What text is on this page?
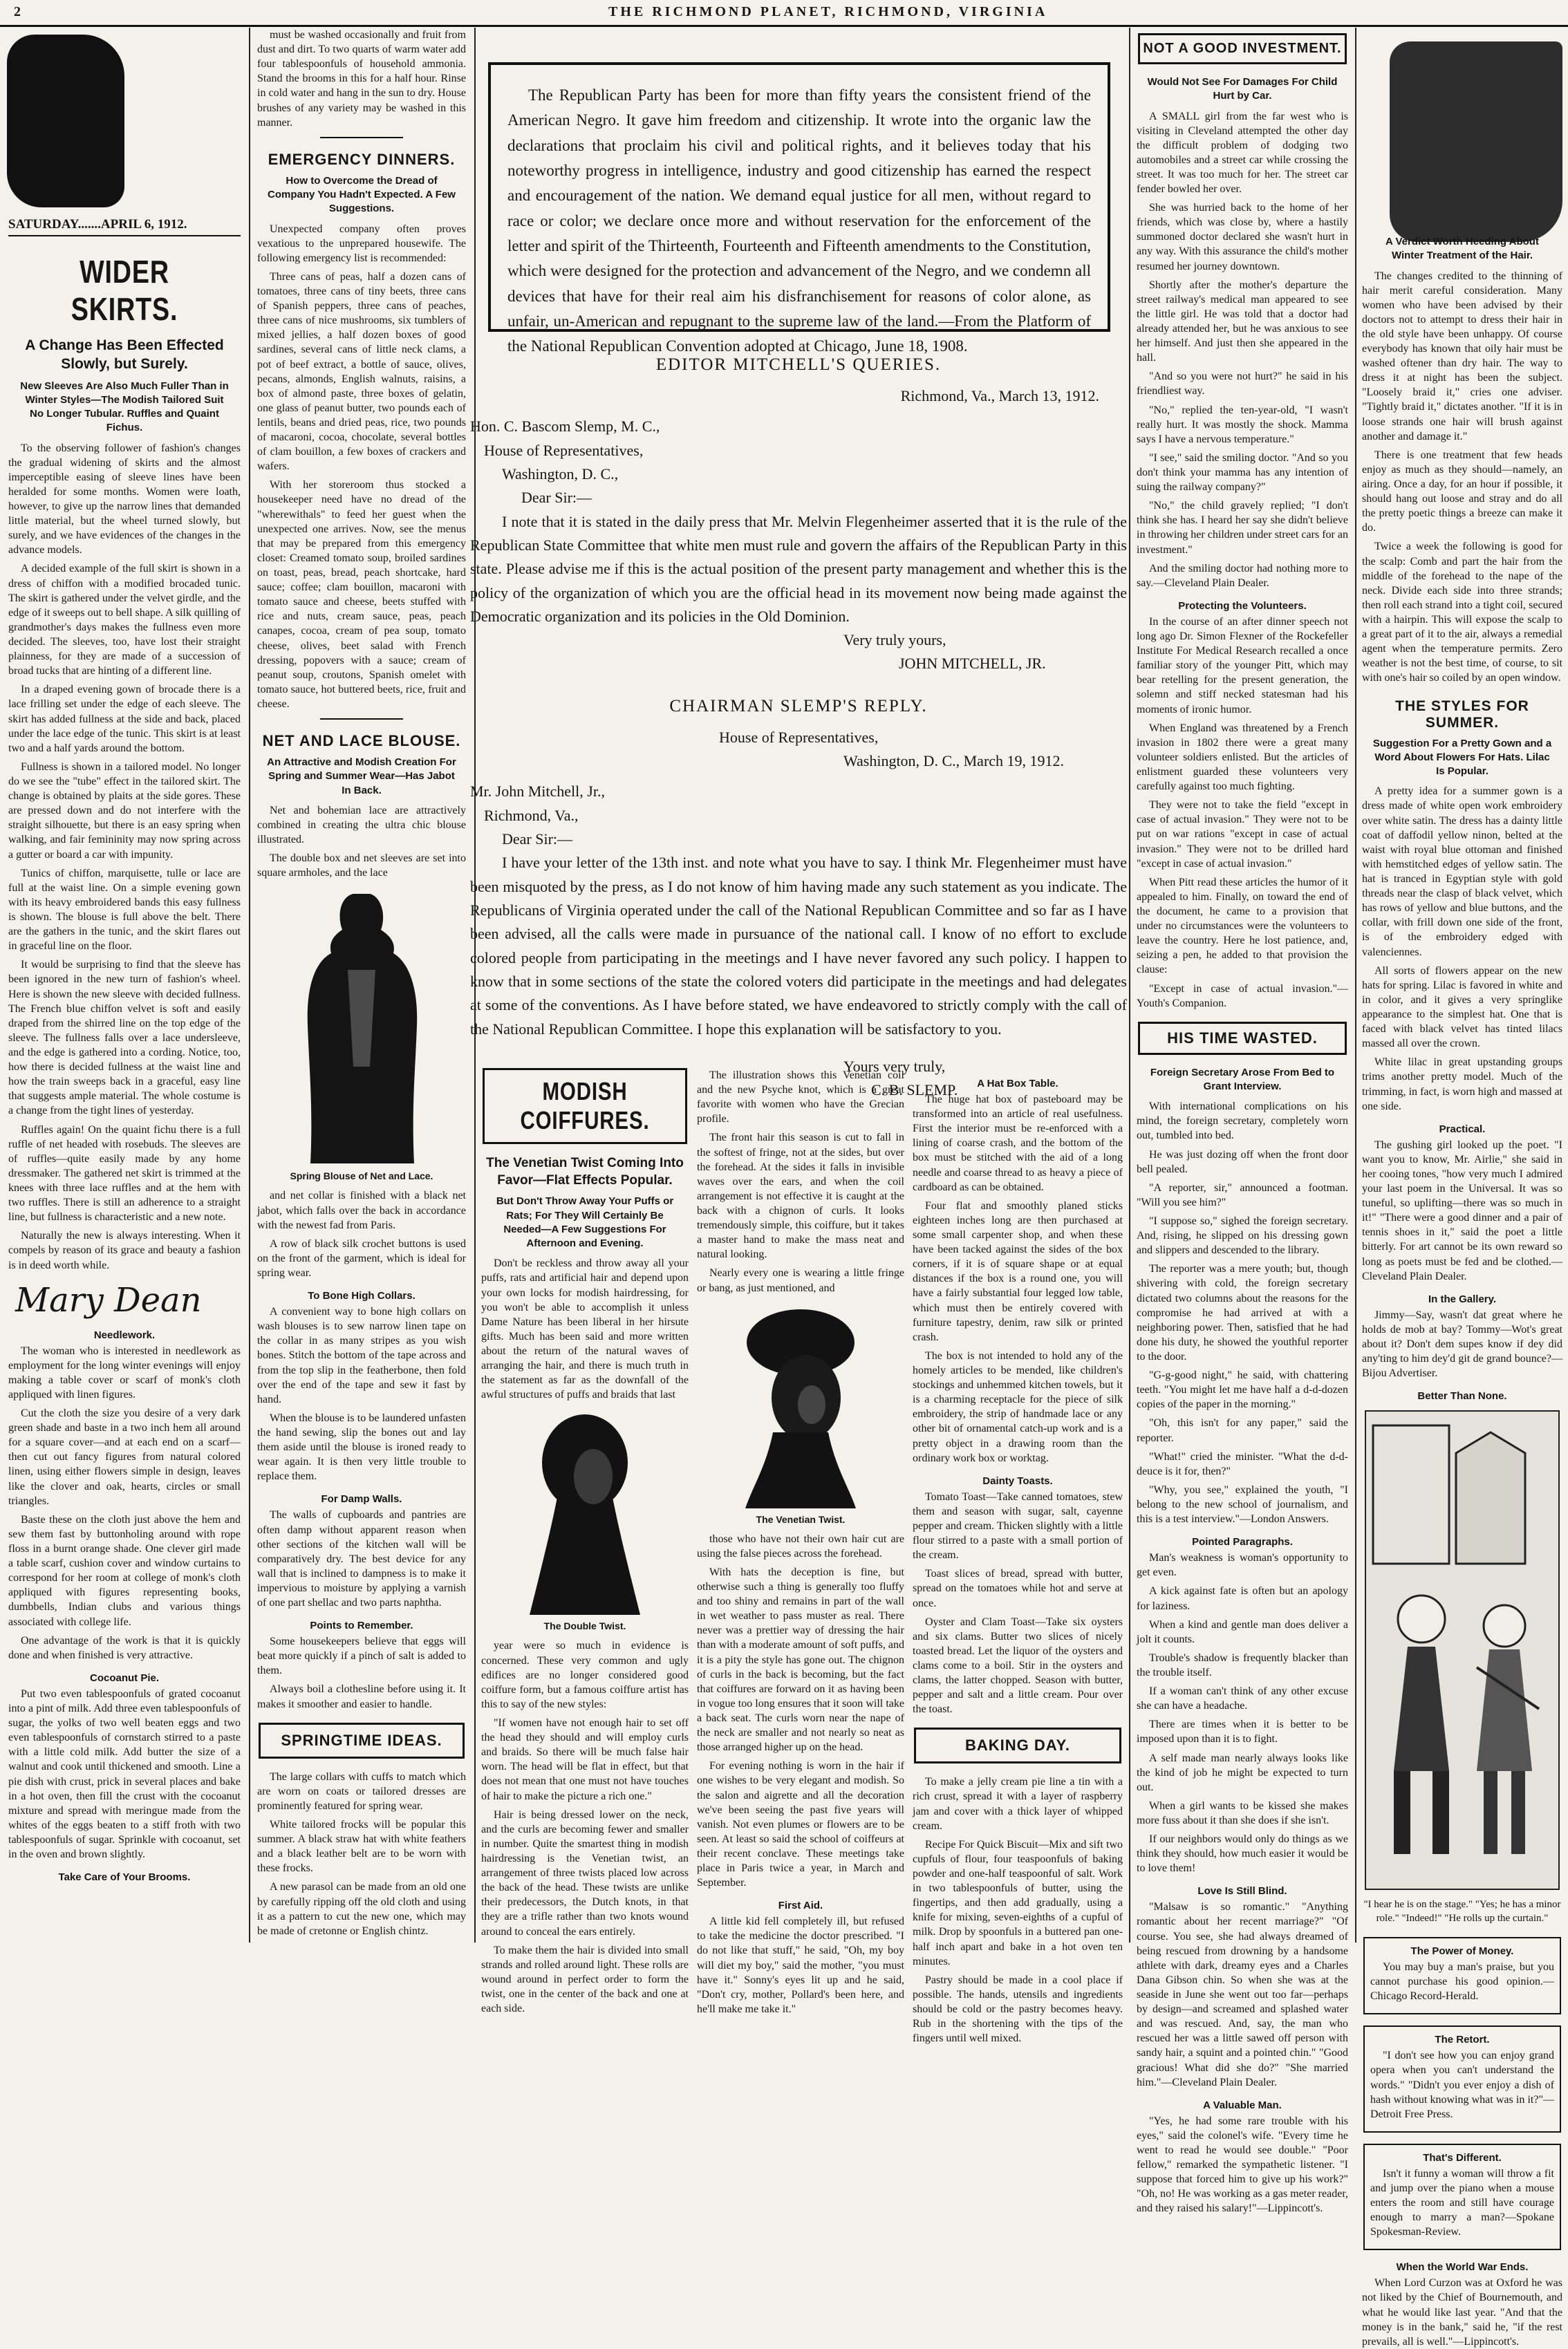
2	THE RICHMOND PLANET, RICHMOND, VIRGINIA
SATURDAY.......APRIL 6, 1912.
WIDER SKIRTS.
A Change Has Been Effected Slowly, but Surely.
New Sleeves Are Also Much Fuller Than in Winter Styles—The Modish Tailored Suit No Longer Tubular. Ruffles and Quaint Fichus.

To the observing follower of fashion's changes the gradual widening of skirts and the almost imperceptible easing of sleeve lines have been heralded for some months. Women were loath, however, to give up the narrow lines that demanded little material, but the wheel turned slowly, but surely, and we have evidences of the changes in the advance models.

A decided example of the full skirt is shown in a dress of chiffon with a modified brocaded tunic. The skirt is gathered under the velvet girdle, and the edge of it sweeps out to bell shape. A silk quilling of grandmother's days makes the fullness even more decided. The sleeves, too, have lost their straight plainness, for they are made of a succession of broad tucks that are hinting of a different line.

In a draped evening gown of brocade there is a lace frilling set under the edge of each sleeve. The skirt has added fullness at the side and back, placed under the lace edge of the tunic. This skirt is at least two and a half yards around the bottom.

Fullness is shown in a tailored model. No longer do we see the "tube" effect in the tailored skirt. The change is obtained by plaits at the side gores. These are pressed down and do not interfere with the straight silhouette, but there is an easy spring when walking, and fair femininity may now spring across a gutter or board a car with impunity.

Tunics of chiffon, marquisette, tulle or lace are full at the waist line. On a simple evening gown with its heavy embroidered bands this easy fullness is shown. The blouse is full above the belt. There are the gathers in the tunic, and the skirt flares out in graceful line on the floor.

It would be surprising to find that the sleeve has been ignored in the new turn of fashion's wheel. Here is shown the new sleeve with decided fullness. The French blue chiffon velvet is soft and easily draped from the shirred line on the top edge of the sleeve. The fullness falls over a lace undersleeve, and the edge is gathered into a cording. Notice, too, how there is decided fullness at the waist line and how the train sweeps back in a graceful, easy line that suggests ample material. The whole costume is a change from the tight lines of yesterday.

Ruffles again! On the quaint fichu there is a full ruffle of net headed with rosebuds. The sleeves are of ruffles—quite easily made by any home dressmaker. The gathered net skirt is trimmed at the knees with three lace ruffles and at the hem with two ruffles. There is still an adherence to a straight line, but fullness is characteristic and a new note.

Naturally the new is always interesting. When it compels by reason of its grace and beauty a fashion is in deed worth while.

Mary Dean
Needlework.

The woman who is interested in needlework as employment for the long winter evenings will enjoy making a table cover or scarf of monk's cloth appliqued with linen figures.

Cut the cloth the size you desire of a very dark green shade and baste in a two inch hem all around for a square cover—and at each end on a scarf—then cut out fancy figures from natural colored linen, using either flowers simple in design, leaves like the clover and oak, hearts, circles or small triangles.

Baste these on the cloth just above the hem and sew them fast by buttonholing around with rope floss in a burnt orange shade. One clever girl made a table scarf, cushion cover and window curtains to correspond for her room at college of monk's cloth appliqued with figures representing books, dumbbells, Indian clubs and various things associated with college life.

One advantage of the work is that it is quickly done and when finished is very attractive.

Cocoanut Pie.

Put two even tablespoonfuls of grated cocoanut into a pint of milk. Add three even tablespoonfuls of sugar, the yolks of two well beaten eggs and two even tablespoonfuls of cornstarch stirred to a paste with a little cold milk. Add butter the size of a walnut and cook until thickened and smooth. Line a pie dish with crust, prick in several places and bake in a hot oven, then fill the crust with the cocoanut mixture and spread with meringue made from the whites of the eggs beaten to a stiff froth with two tablespoonfuls of sugar. Sprinkle with cocoanut, set in the oven and brown slightly.

Take Care of Your Brooms.

must be washed occasionally and fruit from dust and dirt. To two quarts of warm water add four tablespoonfuls of household ammonia. Stand the brooms in this for a half hour. Rinse in cold water and hang in the sun to dry. House brushes of any variety may be washed in this manner.

EMERGENCY DINNERS.
How to Overcome the Dread of Company You Hadn't Expected. A Few Suggestions.

Unexpected company often proves vexatious to the unprepared housewife. The following emergency list is recommended:

Three cans of peas, half a dozen cans of tomatoes, three cans of tiny beets, three cans of Spanish peppers, three cans of peaches, three cans of nice mushrooms, six tumblers of mixed jellies, a half dozen boxes of good sardines, several cans of little neck clams, a pot of beef extract, a bottle of sauce, olives, pecans, almonds, English walnuts, raisins, a box of almond paste, three boxes of gelatin, one glass of peanut butter, two pounds each of lentils, beans and dried peas, rice, two pounds of macaroni, cocoa, chocolate, several bottles of clam bouillon, a few boxes of crackers and wafers.

With her storeroom thus stocked a housekeeper need have no dread of the "wherewithals" to feed her guest when the unexpected one arrives. Now, see the menus that may be prepared from this emergency closet: Creamed tomato soup, broiled sardines on toast, peas, bread, peach shortcake, hard sauce; coffee; clam bouillon, macaroni with tomato sauce and cheese, beets stuffed with rice and nuts, cream sauce, peas, peach canapes, cocoa, cream of pea soup, tomato cheese, olives, beet salad with French dressing, popovers with a sauce; cream of peanut soup, croutons, Spanish omelet with tomato sauce, hot buttered beets, rice, fruit and cheese.

NET AND LACE BLOUSE.
An Attractive and Modish Creation For Spring and Summer Wear—Has Jabot In Back.

Net and bohemian lace are attractively combined in creating the ultra chic blouse illustrated.

The double box and net sleeves are set into square armholes, and the lace

Spring Blouse of Net and Lace.

and net collar is finished with a black net jabot, which falls over the back in accordance with the newest fad from Paris.

A row of black silk crochet buttons is used on the front of the garment, which is ideal for spring wear.

To Bone High Collars.

A convenient way to bone high collars on wash blouses is to sew narrow linen tape on the collar in as many stripes as you wish bones. Stitch the bottom of the tape across and from the top slip in the featherbone, then fold over the end of the tape and sew it fast by hand.

When the blouse is to be laundered unfasten the hand sewing, slip the bones out and lay them aside until the blouse is ironed ready to wear again. It is then very little trouble to replace them.

For Damp Walls.

The walls of cupboards and pantries are often damp without apparent reason when other sections of the kitchen wall will be comparatively dry. The best device for any wall that is inclined to dampness is to make it impervious to moisture by applying a varnish of one part shellac and two parts naphtha.

Points to Remember.

Some housekeepers believe that eggs will beat more quickly if a pinch of salt is added to them.

Always boil a clothesline before using it. It makes it smoother and easier to handle.

SPRINGTIME IDEAS.

The large collars with cuffs to match which are worn on coats or tailored dresses are prominently featured for spring wear.

White tailored frocks will be popular this summer. A black straw hat with white feathers and a black leather belt are to be worn with these frocks.

A new parasol can be made from an old one by carefully ripping off the old cloth and using it as a pattern to cut the new one, which may be made of cretonne or English chintz.

The Republican Party has been for more than fifty years the consistent friend of the American Negro. It gave him freedom and citizenship. It wrote into the organic law the declarations that proclaim his civil and political rights, and it believes today that his noteworthy progress in intelligence, industry and good citizenship has earned the respect and encouragement of the nation. We demand equal justice for all men, without regard to race or color; we declare once more and without reservation for the enforcement of the letter and spirit of the Thirteenth, Fourteenth and Fifteenth amendments to the Constitution, which were designed for the protection and advancement of the Negro, and we condemn all devices that have for their real aim his disfranchisement for reasons of color alone, as unfair, un-American and repugnant to the supreme law of the land.—From the Platform of the National Republican Convention adopted at Chicago, June 18, 1908.

EDITOR MITCHELL'S QUERIES.

Richmond, Va., March 13, 1912.

Hon. C. Bascom Slemp, M. C.,

House of Representatives,

Washington, D. C.,

Dear Sir:—

I note that it is stated in the daily press that Mr. Melvin Flegenheimer asserted that it is the rule of the Republican State Committee that white men must rule and govern the affairs of the Republican Party in this state. Please advise me if this is the actual position of the present party management and whether this is the policy of the organization of which you are the official head in its movement now being made against the Democratic organization and its policies in the Old Dominion.

Very truly yours,

JOHN MITCHELL, JR.

CHAIRMAN SLEMP'S REPLY.

House of Representatives,

Washington, D. C., March 19, 1912.

Mr. John Mitchell, Jr.,

Richmond, Va.,

Dear Sir:—

I have your letter of the 13th inst. and note what you have to say. I think Mr. Flegenheimer must have been misquoted by the press, as I do not know of him having made any such statement as you indicate. The Republicans of Virginia operated under the call of the National Republican Committee and so far as I have been advised, all the calls were made in pursuance of the national call. I know of no effort to exclude colored people from participating in the meetings and I have never favored any such policy. I happen to know that in some sections of the state the colored voters did participate in the meetings and had delegates at some of the conventions. As I have before stated, we have endeavored to strictly comply with the call of the National Republican Committee. I hope this explanation will be satisfactory to you.

Yours very truly,

C. B. SLEMP.

MODISH COIFFURES.
The Venetian Twist Coming Into Favor—Flat Effects Popular.
But Don't Throw Away Your Puffs or Rats; For They Will Certainly Be Needed—A Few Suggestions For Afternoon and Evening.

Don't be reckless and throw away all your puffs, rats and artificial hair and depend upon your own locks for modish hairdressing, for you won't be able to accomplish it unless Dame Nature has been liberal in her hirsute gifts. Much has been said and more written about the return of the natural waves of arranging the hair, and there is much truth in the statement as far as the downfall of the awful structures of puffs and braids that last

The Double Twist.

year were so much in evidence is concerned. These very common and ugly edifices are no longer considered good coiffure form, but a famous coiffure artist has this to say of the new styles:

"If women have not enough hair to set off the head they should and will employ curls and braids. So there will be much false hair worn. The head will be flat in effect, but that does not mean that one must not have touches of hair to make the picture a rich one."

Hair is being dressed lower on the neck, and the curls are becoming fewer and smaller in number. Quite the smartest thing in modish hairdressing is the Venetian twist, an arrangement of three twists placed low across the back of the head. These twists are unlike their predecessors, the Dutch knots, in that they are a trifle rather than two knots wound around to conceal the ears entirely.

To make them the hair is divided into small strands and rolled around light. These rolls are wound around in perfect order to form the twist, one in the center of the back and one at each side.

The illustration shows this Venetian coil and the new Psyche knot, which is a great favorite with women who have the Grecian profile.

The front hair this season is cut to fall in the softest of fringe, not at the sides, but over the forehead. At the sides it falls in invisible waves over the ears, and when the coil arrangement is not effective it is caught at the back with a chignon of curls. It looks tremendously simple, this coiffure, but it takes a master hand to make the mass neat and natural looking.

Nearly every one is wearing a little fringe or bang, as just mentioned, and

The Venetian Twist.

those who have not their own hair cut are using the false pieces across the forehead.

With hats the deception is fine, but otherwise such a thing is generally too fluffy and too shiny and remains in part of the wall in wet weather to pass muster as real. There never was a prettier way of dressing the hair than with a moderate amount of soft puffs, and it is a pity the style has gone out. The chignon of curls in the back is becoming, but the fact that coiffures are forward on it as having been in vogue too long ensures that it soon will take a back seat. The curls worn near the nape of the neck are smaller and not nearly so neat as those arranged higher up on the head.

For evening nothing is worn in the hair if one wishes to be very elegant and modish. So the salon and aigrette and all the decoration we've been seeing the past five years will vanish. Not even plumes or flowers are to be seen. At least so said the school of coiffeurs at their recent conclave. These meetings take place in Paris twice a year, in March and September.

First Aid.

A little kid fell completely ill, but refused to take the medicine the doctor prescribed. "I do not like that stuff," he said, "Oh, my boy will diet my boy," said the mother, "you must have it." Sonny's eyes lit up and he said, "Don't cry, mother, Pollard's been here, and he'll make me take it."

A Hat Box Table.

The huge hat box of pasteboard may be transformed into an article of real usefulness. First the interior must be re-enforced with a lining of coarse crash, and the bottom of the box must be stitched with the aid of a long needle and coarse thread to as heavy a piece of cardboard as can be obtained.

Four flat and smoothly planed sticks eighteen inches long are then purchased at some small carpenter shop, and when these have been tacked against the sides of the box corners, if it is of square shape or at equal distances if the box is a round one, you will have a fairly substantial four legged low table, which must then be entirely covered with furniture tapestry, denim, raw silk or printed crash.

The box is not intended to hold any of the homely articles to be mended, like children's stockings and unhemmed kitchen towels, but it is a charming receptacle for the piece of silk embroidery, the strip of handmade lace or any other bit of ornamental catch-up work and is a pretty object in a drawing room than the ordinary work box or worktag.

Dainty Toasts.

Tomato Toast—Take canned tomatoes, stew them and season with sugar, salt, cayenne pepper and cream. Thicken slightly with a little flour stirred to a paste with a small portion of the cream.

Toast slices of bread, spread with butter, spread on the tomatoes while hot and serve at once.

Oyster and Clam Toast—Take six oysters and six clams. Butter two slices of nicely toasted bread. Let the liquor of the oysters and clams come to a boil. Stir in the oysters and clams, the latter chopped. Season with butter, pepper and salt and a little cream. Pour over the toast.

BAKING DAY.

To make a jelly cream pie line a tin with a rich crust, spread it with a layer of raspberry jam and cover with a thick layer of whipped cream.

Recipe For Quick Biscuit—Mix and sift two cupfuls of flour, four teaspoonfuls of baking powder and one-half teaspoonful of salt. Work in two tablespoonfuls of butter, using the fingertips, and then add gradually, using a knife for mixing, seven-eighths of a cupful of milk. Drop by spoonfuls in a buttered pan one-half inch apart and bake in a hot oven ten minutes.

Pastry should be made in a cool place if possible. The hands, utensils and ingredients should be cold or the pastry becomes heavy. Rub in the shortening with the tips of the fingers until well mixed.

NOT A GOOD INVESTMENT.
Would Not See For Damages For Child Hurt by Car.

A SMALL girl from the far west who is visiting in Cleveland attempted the other day the difficult problem of dodging two automobiles and a street car while crossing the street. It was too much for her. The street car fender bowled her over.

She was hurried back to the home of her friends, which was close by, where a hastily summoned doctor declared she wasn't hurt in any way. With this assurance the child's mother resumed her journey downtown.

Shortly after the mother's departure the street railway's medical man appeared to see the little girl. He was told that a doctor had already attended her, but he was anxious to see her himself. And just then she appeared in the hall.

"And so you were not hurt?" he said in his friendliest way.

"No," replied the ten-year-old, "I wasn't really hurt. It was mostly the shock. Mamma says I have a nervous temperature."

"I see," said the smiling doctor. "And so you don't think your mamma has any intention of suing the railway company?"

"No," the child gravely replied; "I don't think she has. I heard her say she didn't believe in throwing her children under street cars for an investment."

And the smiling doctor had nothing more to say.—Cleveland Plain Dealer.

Protecting the Volunteers.

In the course of an after dinner speech not long ago Dr. Simon Flexner of the Rockefeller Institute For Medical Research recalled a once familiar story of the younger Pitt, which may bear retelling for the present generation, the solemn and stiff necked statesman had his moments of ironic humor.

When England was threatened by a French invasion in 1802 there were a great many volunteer soldiers enlisted. But the articles of enlistment guarded these volunteers very carefully against too much fighting.

They were not to take the field "except in case of actual invasion." They were not to be put on war rations "except in case of actual invasion." They were not to be drilled hard "except in case of actual invasion."

When Pitt read these articles the humor of it appealed to him. Finally, on toward the end of the document, he came to a provision that under no circumstances were the volunteers to leave the country. Here he lost patience, and, seizing a pen, he added to that provision the clause:

"Except in case of actual invasion."—Youth's Companion.

HIS TIME WASTED.
Foreign Secretary Arose From Bed to Grant Interview.

With international complications on his mind, the foreign secretary, completely worn out, tumbled into bed.

He was just dozing off when the front door bell pealed.

"A reporter, sir," announced a footman. "Will you see him?"

"I suppose so," sighed the foreign secretary. And, rising, he slipped on his dressing gown and slippers and descended to the library.

The reporter was a mere youth; but, though shivering with cold, the foreign secretary dictated two columns about the reasons for the compromise he had arrived at with a neighboring power. Then, satisfied that he had done his duty, he showed the youthful reporter to the door.

"G-g-good night," he said, with chattering teeth. "You might let me have half a d-d-dozen copies of the paper in the morning."

"Oh, this isn't for any paper," said the reporter.

"What!" cried the minister. "What the d-d-deuce is it for, then?"

"Why, you see," explained the youth, "I belong to the new school of journalism, and this is a test interview."—London Answers.

Pointed Paragraphs.

Man's weakness is woman's opportunity to get even.

A kick against fate is often but an apology for laziness.

When a kind and gentle man does deliver a jolt it counts.

Trouble's shadow is frequently blacker than the trouble itself.

If a woman can't think of any other excuse she can have a headache.

There are times when it is better to be imposed upon than it is to fight.

A self made man nearly always looks like the kind of job he might be expected to turn out.

When a girl wants to be kissed she makes more fuss about it than she does if she isn't.

If our neighbors would only do things as we think they should, how much easier it would be to love them!

Love Is Still Blind.

"Malsaw is so romantic." "Anything romantic about her recent marriage?" "Of course. You see, she had always dreamed of being rescued from drowning by a handsome athlete with dark, dreamy eyes and a Charles Dana Gibson chin. So when she was at the seaside in June she went out too far—perhaps by design—and screamed and splashed water and was rescued. And, say, the man who rescued her was a little sawed off person with sandy hair, a squint and a pointed chin." "Good gracious! What did she do?" "She married him."—Cleveland Plain Dealer.

A Valuable Man.

"Yes, he had some rare trouble with his eyes," said the colonel's wife. "Every time he went to read he would see double." "Poor fellow," remarked the sympathetic listener. "I suppose that forced him to give up his work?" "Oh, no! He was working as a gas meter reader, and they raised his salary!"—Lippincott's.

A Verdict Worth Heeding About Winter Treatment of the Hair.

The changes credited to the thinning of hair merit careful consideration. Many women who have been advised by their doctors not to attempt to dress their hair in the old style have been unhappy. Of course everybody has known that oily hair must be washed oftener than dry hair. The way to dress it at night has been the subject. "Loosely braid it," cries one adviser. "Tightly braid it," dictates another. "If it is in loose strands one hair will brush against another and damage it."

There is one treatment that few heads enjoy as much as they should—namely, an airing. Once a day, for an hour if possible, it should hang out loose and stray and do all the pretty poetic things a breeze can make it do.

Twice a week the following is good for the scalp: Comb and part the hair from the middle of the forehead to the nape of the neck. Divide each side into three strands; then roll each strand into a tight coil, secured with a hairpin. This will expose the scalp to a great part of it to the air, always a remedial agent when the temperature permits. Zero weather is not the best time, of course, to sit with one's hair so coiled by an open window.

THE STYLES FOR SUMMER.
Suggestion For a Pretty Gown and a Word About Flowers For Hats. Lilac Is Popular.

A pretty idea for a summer gown is a dress made of white open work embroidery over white satin. The dress has a dainty little coat of daffodil yellow ninon, belted at the waist with royal blue ottoman and finished with hemstitched edges of yellow satin. The hat is tranced in Egyptian style with gold threads near the clasp of black velvet, which has rows of yellow and blue buttons, and the collar, with frill down one side of the front, is of the embroidery edged with valenciennes.

All sorts of flowers appear on the new hats for spring. Lilac is favored in white and in color, and it gives a very springlike appearance to the simplest hat. One that is faced with black velvet has tinted lilacs massed all over the crown.

White lilac in great upstanding groups trims another pretty model. Much of the trimming, in fact, is worn high and massed at one side.

Practical.

The gushing girl looked up the poet. "I want you to know, Mr. Airlie," she said in her cooing tones, "how very much I admired your last poem in the Universal. It was so tuneful, so uplifting—there was so much in it!" "There were a good dinner and a pair of tennis shoes in it," said the poet a little bitterly. For art cannot be its own reward so long as poets must be fed and be clothed.—Cleveland Plain Dealer.

In the Gallery.

Jimmy—Say, wasn't dat great where he holds de mob at bay? Tommy—Wot's great about it? Don't dem supes know if dey did any'ting to him dey'd git de grand bounce?—Bijou Advertiser.

Better Than None.

"I hear he is on the stage." "Yes; he has a minor role." "Indeed!" "He rolls up the curtain."

The Power of Money.

You may buy a man's praise, but you cannot purchase his good opinion.—Chicago Record-Herald.

The Retort.

"I don't see how you can enjoy grand opera when you can't understand the words." "Didn't you ever enjoy a dish of hash without knowing what was in it?"—Detroit Free Press.

That's Different.

Isn't it funny a woman will throw a fit and jump over the piano when a mouse enters the room and still have courage enough to marry a man?—Spokane Spokesman-Review.

When the World War Ends.

When Lord Curzon was at Oxford he was not liked by the Chief of Bournemouth, and what he would like last year. "And that the money is in the bank," said he, "if the rest prevails, all is well."—Lippincott's.
